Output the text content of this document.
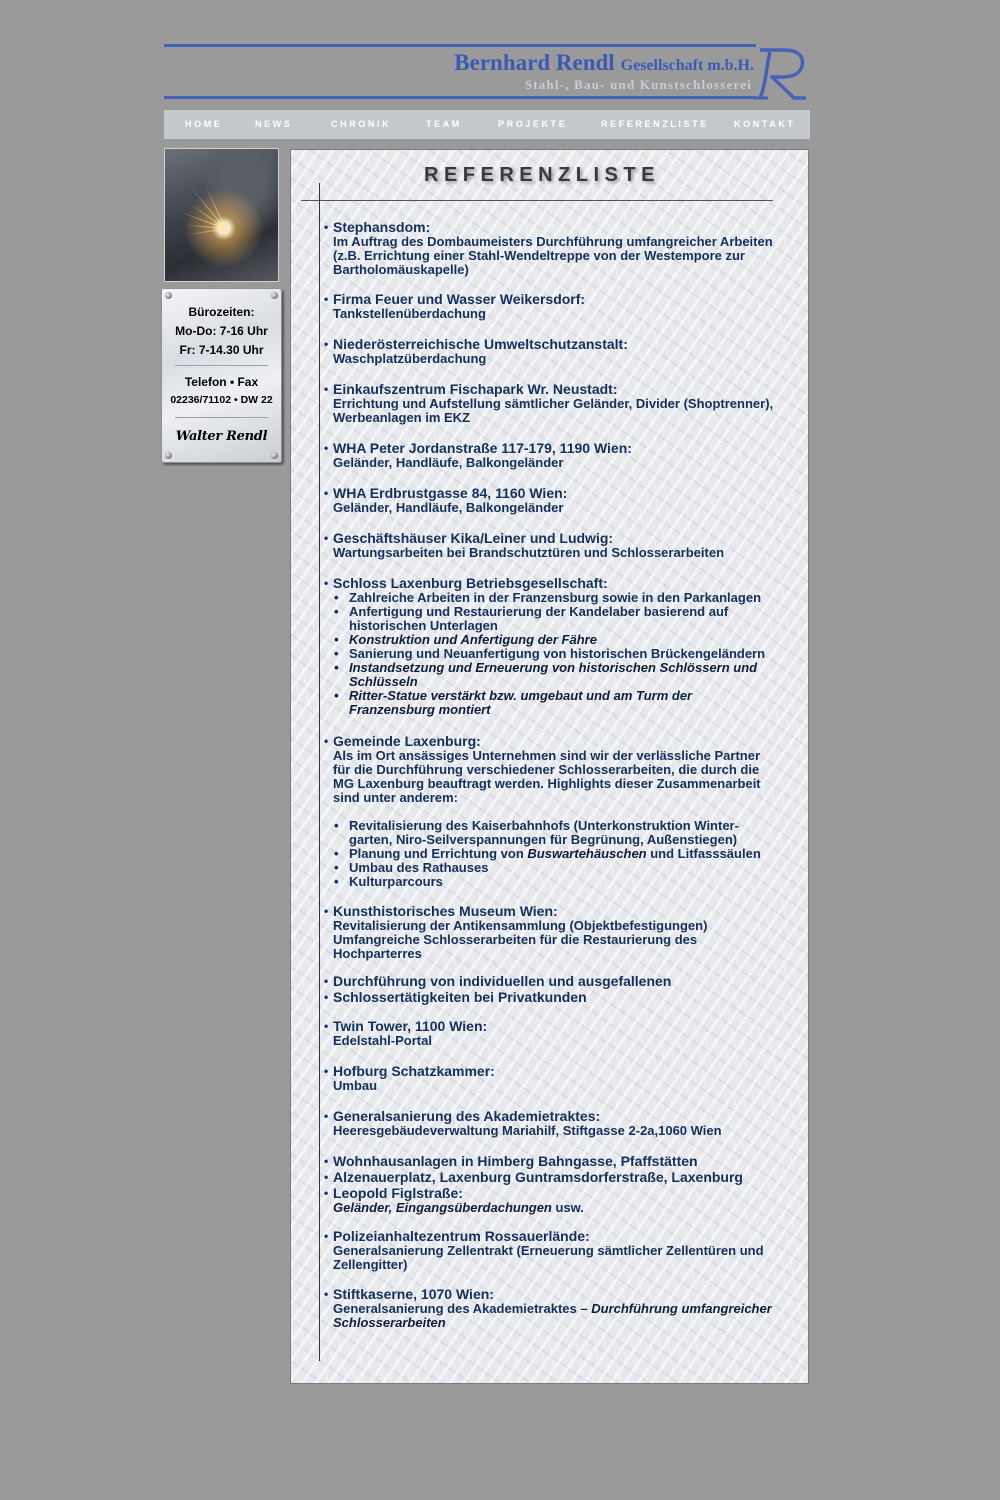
Bernhard Rendl Gesellschaft m.b.H.
Stahl-, Bau- und Kunstschlosserei
HOME	NEWS	CHRONIK	TEAM	PROJEKTE	REFERENZLISTE	KONTAKT
Bürozeiten:
Mo-Do: 7-16 Uhr
Fr: 7-14.30 Uhr
Telefon • Fax
02236/71102 • DW 22
Walter Rendl
REFERENZLISTE
• Stephansdom:
Im Auftrag des Dombaumeisters Durchführung umfangreicher Arbeiten
(z.B. Errichtung einer Stahl-Wendeltreppe von der Westempore zur
Bartholomäuskapelle)
• Firma Feuer und Wasser Weikersdorf:
Tankstellenüberdachung
• Niederösterreichische Umweltschutzanstalt:
Waschplatzüberdachung
• Einkaufszentrum Fischapark Wr. Neustadt:
Errichtung und Aufstellung sämtlicher Geländer, Divider (Shoptrenner),
Werbeanlagen im EKZ
• WHA Peter Jordanstraße 117-179, 1190 Wien:
Geländer, Handläufe, Balkongeländer
• WHA Erdbrustgasse 84, 1160 Wien:
Geländer, Handläufe, Balkongeländer
• Geschäftshäuser Kika/Leiner und Ludwig:
Wartungsarbeiten bei Brandschutztüren und Schlosserarbeiten
• Schloss Laxenburg Betriebsgesellschaft:
• Zahlreiche Arbeiten in der Franzensburg sowie in den Parkanlagen
• Anfertigung und Restaurierung der Kandelaber basierend auf historischen Unterlagen
• Konstruktion und Anfertigung der Fähre
• Sanierung und Neuanfertigung von historischen Brückengeländern
• Instandsetzung und Erneuerung von historischen Schlössern und Schlüsseln
• Ritter-Statue verstärkt bzw. umgebaut und am Turm der Franzensburg montiert
• Gemeinde Laxenburg:
Als im Ort ansässiges Unternehmen sind wir der verlässliche Partner
für die Durchführung verschiedener Schlosserarbeiten, die durch die
MG Laxenburg beauftragt werden. Highlights dieser Zusammenarbeit
sind unter anderem:
• Revitalisierung des Kaiserbahnhofs (Unterkonstruktion Winter-garten, Niro-Seilverspannungen für Begrünung, Außenstiegen)
• Planung und Errichtung von Buswartehäuschen und Litfasssäulen
• Umbau des Rathauses
• Kulturparcours
• Kunsthistorisches Museum Wien:
Revitalisierung der Antikensammlung (Objektbefestigungen)
Umfangreiche Schlosserarbeiten für die Restaurierung des
Hochparterres
• Durchführung von individuellen und ausgefallenen
• Schlossertätigkeiten bei Privatkunden
• Twin Tower, 1100 Wien:
Edelstahl-Portal
• Hofburg Schatzkammer:
Umbau
• Generalsanierung des Akademietraktes:
Heeresgebäudeverwaltung Mariahilf, Stiftgasse 2-2a,1060 Wien
• Wohnhausanlagen in Himberg Bahngasse, Pfaffstätten
• Alzenauerplatz, Laxenburg Guntramsdorferstraße, Laxenburg
• Leopold Figlstraße:
Geländer, Eingangsüberdachungen usw.
• Polizeianhaltezentrum Rossauerlände:
Generalsanierung Zellentrakt (Erneuerung sämtlicher Zellentüren und
Zellengitter)
• Stiftkaserne, 1070 Wien:
Generalsanierung des Akademietraktes – Durchführung umfangreicher
Schlosserarbeiten
